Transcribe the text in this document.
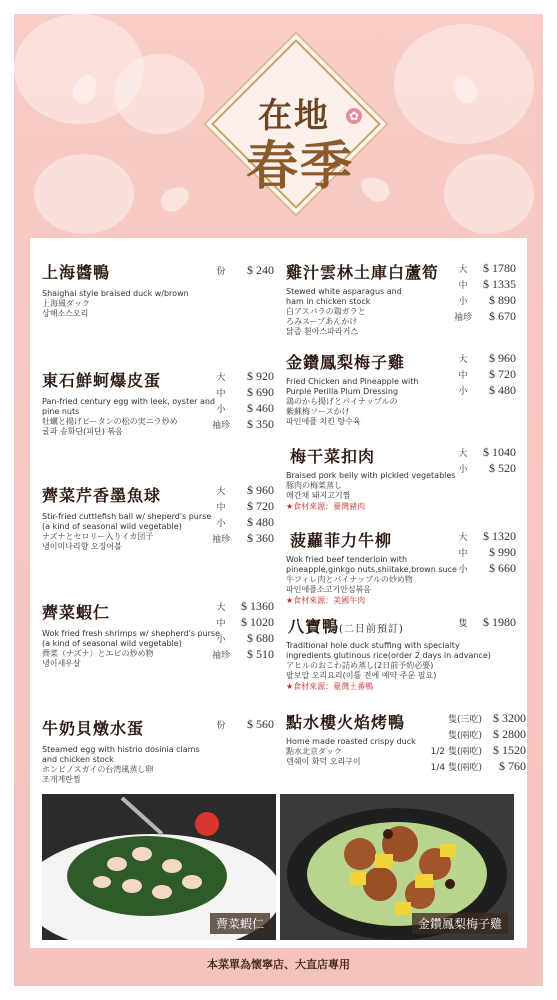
在地
春季
✿
上海醬鴨
Shaighai style braised duck w/brown
上海風ダック
상해소스오리
份	$ 240
東石鮮蚵爆皮蛋
Pan-fried century egg with leek, oyster and
pine nuts
牡蠣と揚げピータンの松の実ニラ炒め
굴과 송화단(피단) 볶음
大	$ 920
中	$ 690
小	$ 460
袖珍	$ 350
薺菜芹香墨魚球
Stir-fried cuttlefish ball w/ sheperd's purse
(a kind of seasonal wild vegetable)
ナズナとセロリー入りイカ団子
냉이미나리향 오징어볼
大	$ 960
中	$ 720
小	$ 480
袖珍	$ 360
薺菜蝦仁
Wok fried fresh shrimps w/ shepherd's purse
(a kind of seasonal wild vegetable)
薺菜（ナズナ）とエビの炒め物
냉이새우살
大	$ 1360
中	$ 1020
小	$ 680
袖珍	$ 510
牛奶貝燉水蛋
Steamed egg with histrio dosinia clams
and chicken stock
ホンビノスガイの台湾風蒸し卵
조개계란찜
份	$ 560
雞汁雲林土庫白蘆筍
Stewed white asparagus and
ham in chicken stock
白アスパラの鶏ガラと
ろみスープあんかけ
닭즙 흰아스파라거스
大	$ 1780
中	$ 1335
小	$ 890
袖珍	$ 670
金鑽鳳梨梅子雞
Fried Chicken and Pineapple with
Purple Perilla Plum Dressing
鶏のから揚げとパイナップルの
紫蘇梅ソースかけ
파인애플 치킨 탕수육
大	$ 960
中	$ 720
小	$ 480
梅干菜扣肉
Braised pork belly with pickled vegetables
豚肉の梅菜蒸し
매간채 돼지고기찜
★食材來源：臺灣豬肉
大	$ 1040
小	$ 520
菠蘿菲力牛柳
Wok fried beef tenderloin with
pineapple,ginkgo nuts,shiitake,brown suce
牛フィレ肉とパイナップルの炒め物
파인애플소고기안심볶음
★食材來源：美國牛肉
大	$ 1320
中	$ 990
小	$ 660
八寶鴨(二日前預訂)
Traditional hole duck stuffing with specialty
ingredients glutinous rice(order 2 days in advance)
アヒルのおこわ詰め蒸し(2日前予約必要)
팔보압 오리요리(이틀 전에 예약 주문 필요)
★食材來源：臺灣土番鴨
隻	$ 1980
點水樓火焰烤鴨
Home made roasted crispy duck
點水北京ダック
덴쉐이 화덕 오리구이
隻(三吃) $ 3200
隻(兩吃) $ 2800
1/2 隻(兩吃) $ 1520
1/4 隻(兩吃)	$ 760
薺菜蝦仁	金鑽鳳梨梅子雞
本菜單為懷寧店、大直店專用
